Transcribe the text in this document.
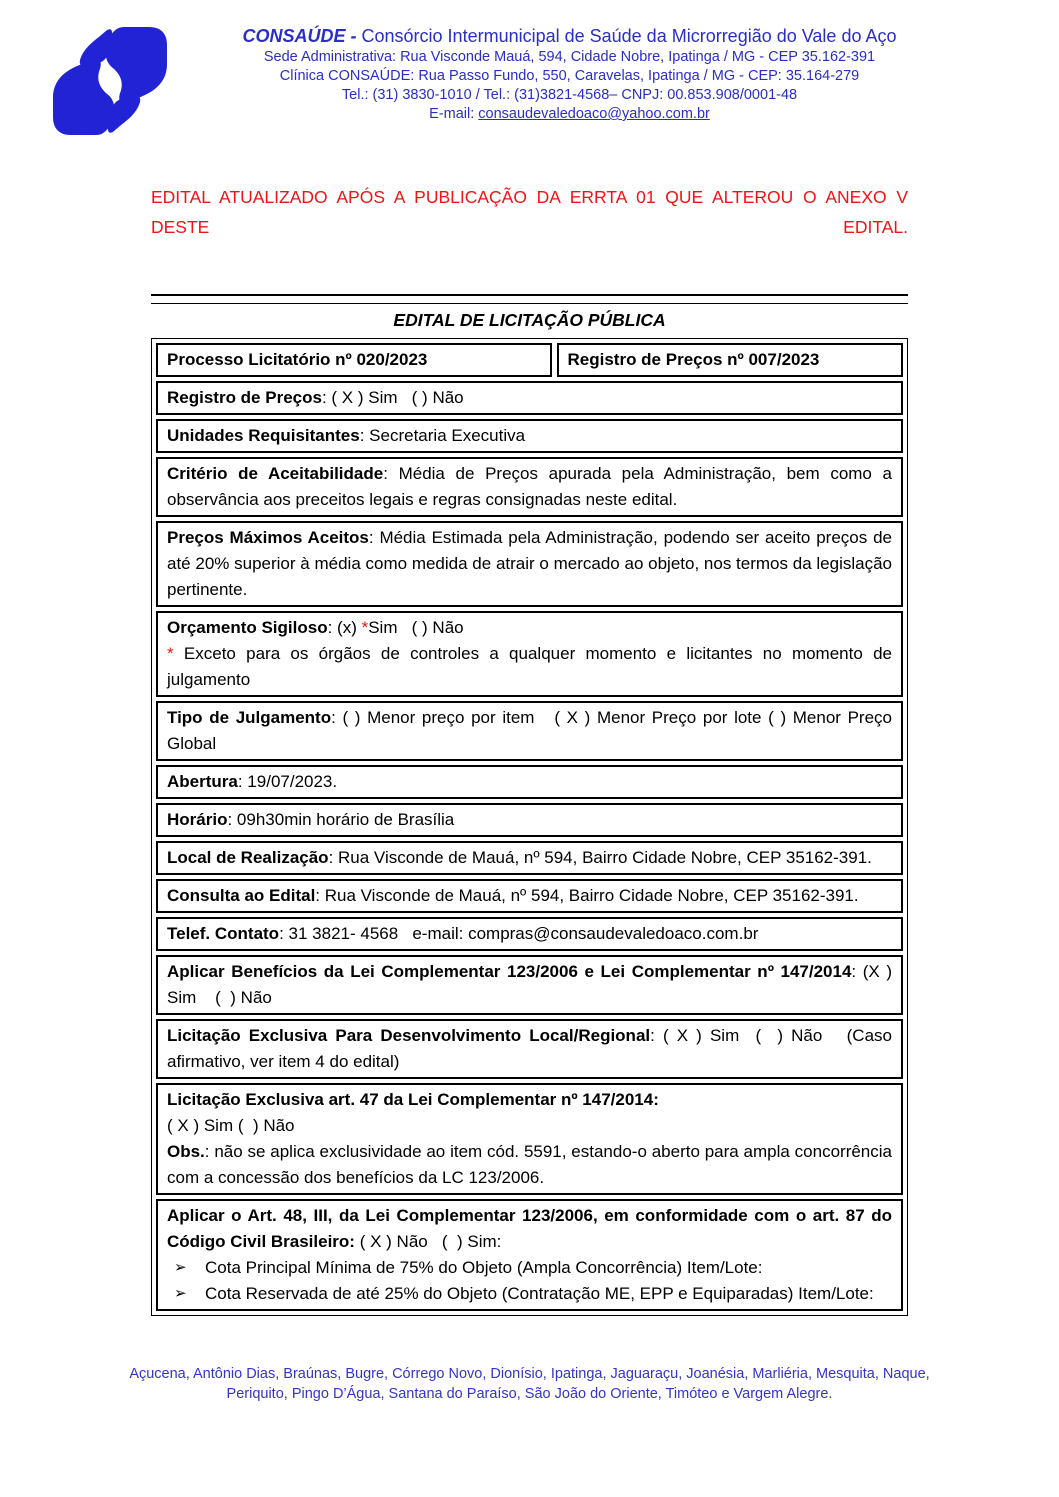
CONSAÚDE - Consórcio Intermunicipal de Saúde da Microrregião do Vale do Aço
Sede Administrativa: Rua Visconde Mauá, 594, Cidade Nobre, Ipatinga / MG - CEP 35.162-391
Clínica CONSAÚDE: Rua Passo Fundo, 550, Caravelas, Ipatinga / MG - CEP: 35.164-279
Tel.: (31) 3830-1010 / Tel.: (31)3821-4568– CNPJ: 00.853.908/0001-48
E-mail: consaudevaledoaco@yahoo.com.br

EDITAL ATUALIZADO APÓS A PUBLICAÇÃO DA ERRTA 01 QUE ALTEROU O ANEXO V DESTE EDITAL.

EDITAL DE LICITAÇÃO PÚBLICA
Processo Licitatório nº 020/2023	Registro de Preços nº 007/2023
Registro de Preços: ( X ) Sim   ( ) Não
Unidades Requisitantes: Secretaria Executiva
Critério de Aceitabilidade: Média de Preços apurada pela Administração, bem como a observância aos preceitos legais e regras consignadas neste edital.
Preços Máximos Aceitos: Média Estimada pela Administração, podendo ser aceito preços de até 20% superior à média como medida de atrair o mercado ao objeto, nos termos da legislação pertinente.

Orçamento Sigiloso: (x) *Sim   ( ) Não

* Exceto para os órgãos de controles a qualquer momento e licitantes no momento de julgamento

Tipo de Julgamento: ( ) Menor preço por item   ( X ) Menor Preço por lote ( ) Menor Preço Global
Abertura: 19/07/2023.
Horário: 09h30min horário de Brasília
Local de Realização: Rua Visconde de Mauá, nº 594, Bairro Cidade Nobre, CEP 35162-391.
Consulta ao Edital: Rua Visconde de Mauá, nº 594, Bairro Cidade Nobre, CEP 35162-391.
Telef. Contato: 31 3821- 4568   e-mail: compras@consaudevaledoaco.com.br
Aplicar Benefícios da Lei Complementar 123/2006 e Lei Complementar nº 147/2014: (X ) Sim    (  ) Não
Licitação Exclusiva Para Desenvolvimento Local/Regional: ( X ) Sim  (  ) Não   (Caso afirmativo, ver item 4 do edital)

Licitação Exclusiva art. 47 da Lei Complementar nº 147/2014:

( X ) Sim (  ) Não

Obs.: não se aplica exclusividade ao item cód. 5591, estando-o aberto para ampla concorrência com a concessão dos benefícios da LC 123/2006.

Aplicar o Art. 48, III, da Lei Complementar 123/2006, em conformidade com o art. 87 do Código Civil Brasileiro: ( X ) Não   (  ) Sim:

➢ Cota Principal Mínima de 75% do Objeto (Ampla Concorrência) Item/Lote:

➢ Cota Reservada de até 25% do Objeto (Contratação ME, EPP e Equiparadas) Item/Lote:

Açucena, Antônio Dias, Braúnas, Bugre, Córrego Novo, Dionísio, Ipatinga, Jaguaraçu, Joanésia, Marliéria, Mesquita, Naque, Periquito, Pingo D’Água, Santana do Paraíso, São João do Oriente, Timóteo e Vargem Alegre.
